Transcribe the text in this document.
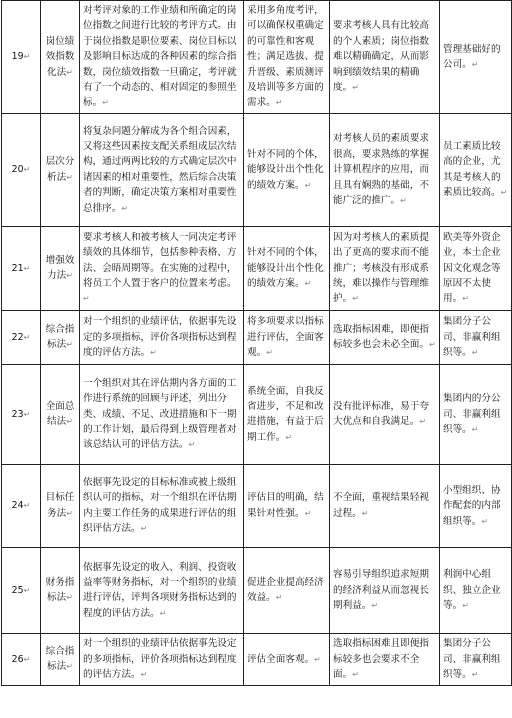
19↵	岗位绩效指数化法↵	对考评对象的工作业绩和所确定的岗位指数之间进行比较的考评方式。由于岗位指数是职位要素、岗位目标以及影响目标达成的各种因素的综合指数，岗位绩效指数一旦确定，考评就有了一个动态的、相对固定的参照坐标。↵	采用多角度考评，可以确保权重确定的可靠性和客观性；满足选拔、提升晋级、素质测评及培训等多方面的需求。↵	要求考核人具有比较高的个人素质；岗位指数难以精确确定，从而影响到绩效结果的精确度。↵	管理基础好的公司。↵
20↵	层次分析法↵	将复杂问题分解成为各个组合因素，又将这些因素按支配关系组成层次结构，通过两两比较的方式确定层次中诸因素的相对重要性，然后综合决策者的判断，确定决策方案相对重要性总排序。↵	针对不同的个体，能够设计出个性化的绩效方案。↵	对考核人员的素质要求很高，要求熟练的掌握计算机程序的应用，而且具有娴熟的基础，不能广泛的推广。↵	员工素质比较高的企业，尤其是考核人的素质比较高。↵
21↵	增强效力法↵	要求考核人和被考核人一同决定考评绩效的具体细节，包括参种表格、方法、会晤周期等。在实施的过程中，将员工个人置于客户的位置来考虑。↵	针对不同的个体，能够设计出个性化的绩效方案。↵	因为对考核人的素质提出了更高的要求而不能推广；考核没有形成系统，难以操作与管理维护。↵	欧美等外资企业，本土企业因文化观念等原因不太使用。↵
22↵	综合指标法↵	对一个组织的业绩评估，依据事先设定的多项指标，评价各项指标达到程度的评估方法。↵	将多项要求以指标进行评估，全面客观。↵	选取指标困难，即便指标较多也会未必全面。↵	集团分子公司、非赢利组织等。↵
23↵	全面总结法↵	一个组织对其在评估期内各方面的工作进行系统的回顾与评述，列出分类、成绩、不足、改进措施和下一期的工作计划，最后得到上级管理者对该总结认可的评估方法。↵	系统全面，自我反省进步，不足和改进措施，有益于后期工作。↵	没有批评标准，易于夸大优点和自我满足。↵	集团内的分公司、非赢利组织等。↵
24↵	目标任务法↵	依据事先设定的目标标准或被上级组织认可的指标，对一个组织在评估期内主要工作任务的成果进行评估的组织评估方法。↵	评估目的明确，结果针对性强。↵	不全面，重视结果轻视过程。↵	小型组织、协作配套的内部组织等。↵
25↵	财务指标法↵	依据事先设定的收入、利润、投资收益率等财务指标，对一个组织的业绩进行评估，评判各项财务指标达到的程度的评估方法。↵	促进企业提高经济效益。↵	容易引导组织追求短期的经济利益从而忽视长期利益。↵	利润中心组织、独立企业等。↵
26↵	综合指标法↵	对一个组织的业绩评估依据事先设定的多项指标，评价各项指标达到程度的评估方法。↵	评估全面客观。↵	选取指标困难且即便指标较多也会要求不全面。↵	集团分子公司、非赢利组织等。↵
